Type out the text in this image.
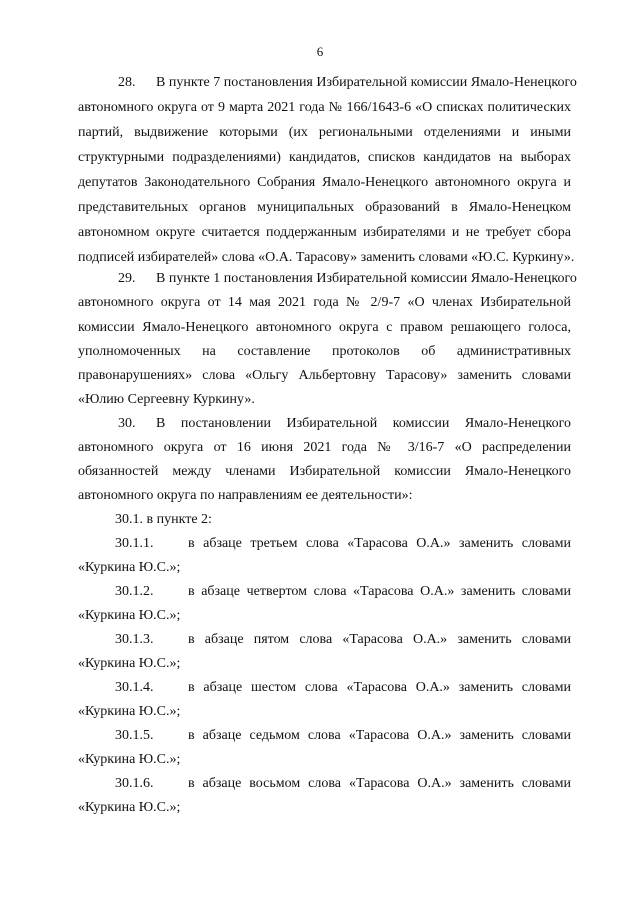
6
28. В пункте 7 постановления Избирательной комиссии Ямало-Ненецкого
автономного округа от 9 марта 2021 года № 166/1643-6 «О списках политических
партий, выдвижение которыми (их региональными отделениями и иными
структурными подразделениями) кандидатов, списков кандидатов на выборах
депутатов Законодательного Собрания Ямало-Ненецкого автономного округа и
представительных органов муниципальных образований в Ямало-Ненецком
автономном округе считается поддержанным избирателями и не требует сбора
подписей избирателей» слова «О.А. Тарасову» заменить словами «Ю.С. Куркину».
29. В пункте 1 постановления Избирательной комиссии Ямало-Ненецкого
автономного округа от 14 мая 2021 года № 2/9-7 «О членах Избирательной
комиссии Ямало-Ненецкого автономного округа с правом решающего голоса,
уполномоченных на составление протоколов об административных
правонарушениях» слова «Ольгу Альбертовну Тарасову» заменить словами
«Юлию Сергеевну Куркину».
30. В постановлении Избирательной комиссии Ямало-Ненецкого
автономного округа от 16 июня 2021 года № 3/16-7 «О распределении
обязанностей между членами Избирательной комиссии Ямало-Ненецкого
автономного округа по направлениям ее деятельности»:
30.1. в пункте 2:
30.1.1. в абзаце третьем слова «Тарасова О.А.» заменить словами
«Куркина Ю.С.»;
30.1.2. в абзаце четвертом слова «Тарасова О.А.» заменить словами
«Куркина Ю.С.»;
30.1.3. в абзаце пятом слова «Тарасова О.А.» заменить словами
«Куркина Ю.С.»;
30.1.4. в абзаце шестом слова «Тарасова О.А.» заменить словами
«Куркина Ю.С.»;
30.1.5. в абзаце седьмом слова «Тарасова О.А.» заменить словами
«Куркина Ю.С.»;
30.1.6. в абзаце восьмом слова «Тарасова О.А.» заменить словами
«Куркина Ю.С.»;
